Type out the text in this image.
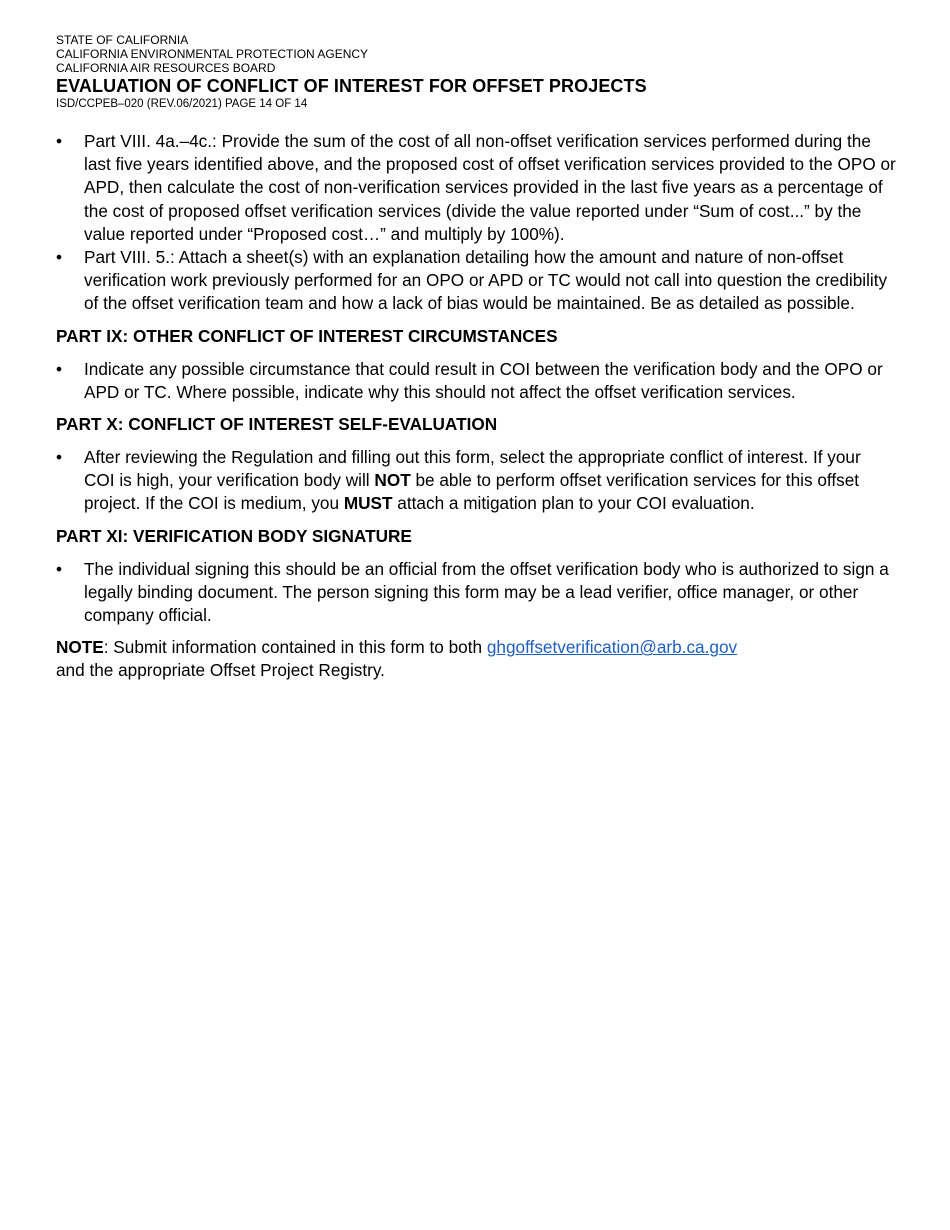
STATE OF CALIFORNIA

CALIFORNIA ENVIRONMENTAL PROTECTION AGENCY

CALIFORNIA AIR RESOURCES BOARD

EVALUATION OF CONFLICT OF INTEREST FOR OFFSET PROJECTS

ISD/CCPEB–020 (REV.06/2021) PAGE 14 OF 14

• Part VIII. 4a.–4c.: Provide the sum of the cost of all non-offset verification services performed during the last five years identified above, and the proposed cost of offset verification services provided to the OPO or APD, then calculate the cost of non-verification services provided in the last five years as a percentage of the cost of proposed offset verification services (divide the value reported under “Sum of cost...” by the value reported under “Proposed cost…” and multiply by 100%).
• Part VIII. 5.: Attach a sheet(s) with an explanation detailing how the amount and nature of non-offset verification work previously performed for an OPO or APD or TC would not call into question the credibility of the offset verification team and how a lack of bias would be maintained. Be as detailed as possible.
PART IX: OTHER CONFLICT OF INTEREST CIRCUMSTANCES
• Indicate any possible circumstance that could result in COI between the verification body and the OPO or APD or TC. Where possible, indicate why this should not affect the offset verification services.
PART X: CONFLICT OF INTEREST SELF-EVALUATION
• After reviewing the Regulation and filling out this form, select the appropriate conflict of interest. If your COI is high, your verification body will NOT be able to perform offset verification services for this offset project. If the COI is medium, you MUST attach a mitigation plan to your COI evaluation.
PART XI: VERIFICATION BODY SIGNATURE
• The individual signing this should be an official from the offset verification body who is authorized to sign a legally binding document. The person signing this form may be a lead verifier, office manager, or other company official.

NOTE: Submit information contained in this form to both ghgoffsetverification@arb.ca.gov

and the appropriate Offset Project Registry.
